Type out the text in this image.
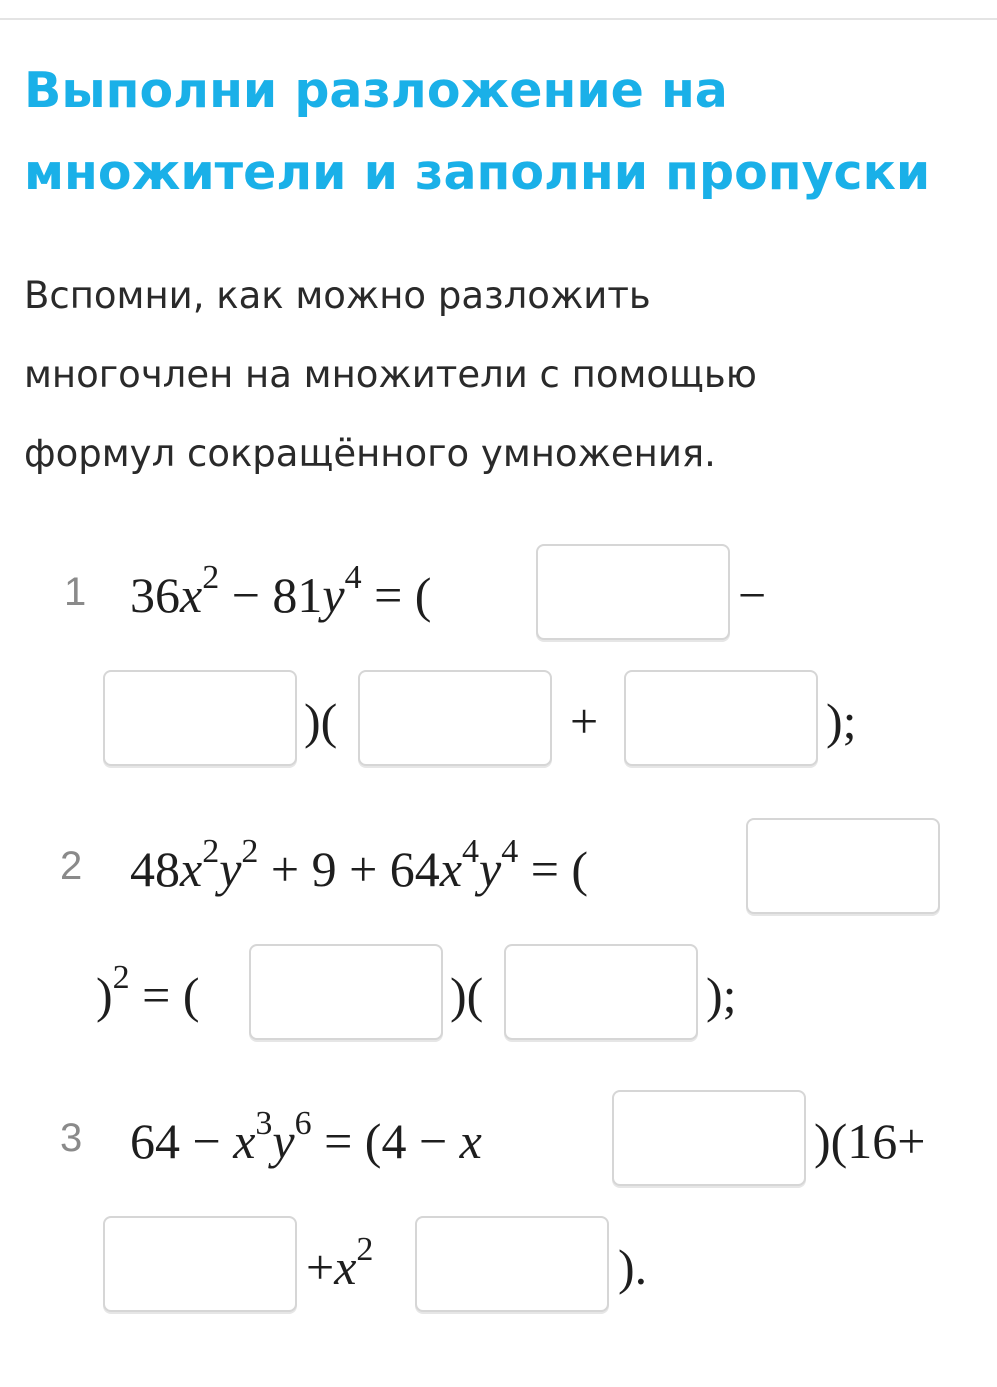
Выполни разложение на
множители и заполни пропуски

Вспомни, как можно разложить
многочлен на множители с помощью
формул сокращённого умножения.

1 $36x^2 - 81y^4$ = (	−
)(	+	);
2 $48x^2y^2 + 9 + 64x^4y^4$ = (
)$^2$ = (	)(	);
3 $64 - x^3y^6 = (4 - x$	)(16+
$+x^2$	).
